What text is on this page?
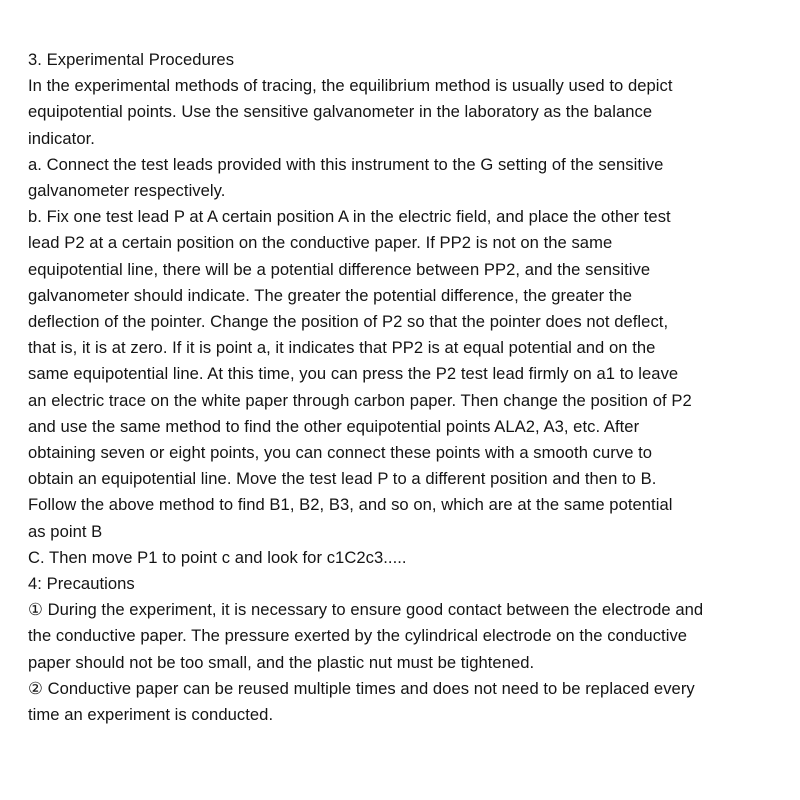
3. Experimental Procedures
In the experimental methods of tracing, the equilibrium method is usually used to depict
equipotential points. Use the sensitive galvanometer in the laboratory as the balance
indicator.
a. Connect the test leads provided with this instrument to the G setting of the sensitive
galvanometer respectively.
b. Fix one test lead P at A certain position A in the electric field, and place the other test
lead P2 at a certain position on the conductive paper. If PP2 is not on the same
equipotential line, there will be a potential difference between PP2, and the sensitive
galvanometer should indicate. The greater the potential difference, the greater the
deflection of the pointer. Change the position of P2 so that the pointer does not deflect,
that is, it is at zero. If it is point a, it indicates that PP2 is at equal potential and on the
same equipotential line. At this time, you can press the P2 test lead firmly on a1 to leave
an electric trace on the white paper through carbon paper. Then change the position of P2
and use the same method to find the other equipotential points ALA2, A3, etc. After
obtaining seven or eight points, you can connect these points with a smooth curve to
obtain an equipotential line. Move the test lead P to a different position and then to B.
Follow the above method to find B1, B2, B3, and so on, which are at the same potential
as point B
C. Then move P1 to point c and look for c1C2c3.....
4: Precautions
① During the experiment, it is necessary to ensure good contact between the electrode and
the conductive paper. The pressure exerted by the cylindrical electrode on the conductive
paper should not be too small, and the plastic nut must be tightened.
② Conductive paper can be reused multiple times and does not need to be replaced every
time an experiment is conducted.
